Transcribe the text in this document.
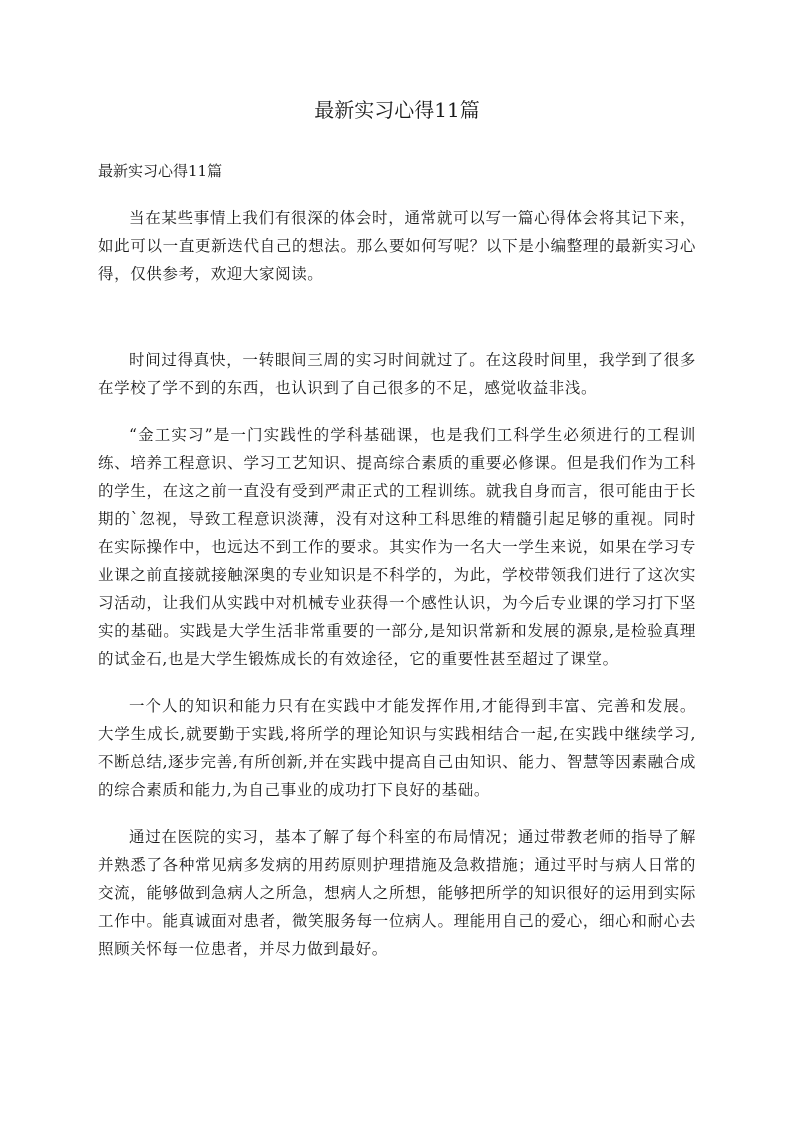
最新实习心得11篇
最新实习心得11篇

当在某些事情上我们有很深的体会时，通常就可以写一篇心得体会将其记下来，如此可以一直更新迭代自己的想法。那么要如何写呢？以下是小编整理的最新实习心得，仅供参考，欢迎大家阅读。

时间过得真快，一转眼间三周的实习时间就过了。在这段时间里，我学到了很多在学校了学不到的东西，也认识到了自己很多的不足，感觉收益非浅。

“金工实习”是一门实践性的学科基础课，也是我们工科学生必须进行的工程训练、培养工程意识、学习工艺知识、提高综合素质的重要必修课。但是我们作为工科的学生，在这之前一直没有受到严肃正式的工程训练。就我自身而言，很可能由于长期的`忽视，导致工程意识淡薄，没有对这种工科思维的精髓引起足够的重视。同时在实际操作中，也远达不到工作的要求。其实作为一名大一学生来说，如果在学习专业课之前直接就接触深奥的专业知识是不科学的，为此，学校带领我们进行了这次实习活动，让我们从实践中对机械专业获得一个感性认识，为今后专业课的学习打下坚实的基础。实践是大学生活非常重要的一部分,是知识常新和发展的源泉,是检验真理的试金石,也是大学生锻炼成长的有效途径，它的重要性甚至超过了课堂。

一个人的知识和能力只有在实践中才能发挥作用,才能得到丰富、完善和发展。大学生成长,就要勤于实践,将所学的理论知识与实践相结合一起,在实践中继续学习,不断总结,逐步完善,有所创新,并在实践中提高自己由知识、能力、智慧等因素融合成的综合素质和能力,为自己事业的成功打下良好的基础。

通过在医院的实习，基本了解了每个科室的布局情况；通过带教老师的指导了解并熟悉了各种常见病多发病的用药原则护理措施及急救措施；通过平时与病人日常的交流，能够做到急病人之所急，想病人之所想，能够把所学的知识很好的运用到实际工作中。能真诚面对患者，微笑服务每一位病人。理能用自己的爱心，细心和耐心去照顾关怀每一位患者，并尽力做到最好。
